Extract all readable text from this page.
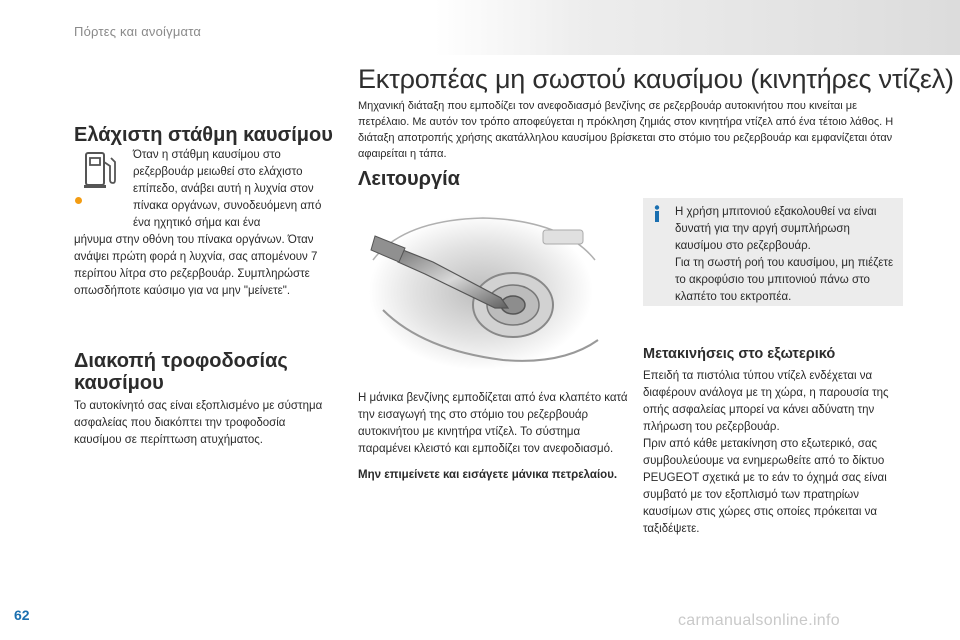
Πόρτες και ανοίγματα
Ελάχιστη στάθμη καυσίμου

Όταν η στάθμη καυσίμου στο ρεζερβουάρ μειωθεί στο ελάχιστο επίπεδο, ανάβει αυτή η λυχνία στον πίνακα οργάνων, συνοδευόμενη από ένα ηχητικό σήμα και ένα

μήνυμα στην οθόνη του πίνακα οργάνων. Όταν ανάψει πρώτη φορά η λυχνία, σας απομένουν 7 περίπου λίτρα στο ρεζερβουάρ. Συμπληρώστε οπωσδήποτε καύσιμο για να μην "μείνετε".

Διακοπή τροφοδοσίας καυσίμου

Το αυτοκίνητό σας είναι εξοπλισμένο με σύστημα ασφαλείας που διακόπτει την τροφοδοσία καυσίμου σε περίπτωση ατυχήματος.

Εκτροπέας μη σωστού καυσίμου (κινητήρες ντίζελ)

Μηχανική διάταξη που εμποδίζει τον ανεφοδιασμό βενζίνης σε ρεζερβουάρ αυτοκινήτου που κινείται με πετρέλαιο. Με αυτόν τον τρόπο αποφεύγεται η πρόκληση ζημιάς στον κινητήρα ντίζελ από ένα τέτοιο λάθος. Η διάταξη αποτροπής χρήσης ακατάλληλου καυσίμου βρίσκεται στο στόμιο του ρεζερβουάρ και εμφανίζεται όταν αφαιρείται η τάπα.

Λειτουργία

Η χρήση μπιτονιού εξακολουθεί να είναι δυνατή για την αργή συμπλήρωση καυσίμου στο ρεζερβουάρ.

Για τη σωστή ροή του καυσίμου, μη πιέζετε το ακροφύσιο του μπιτονιού πάνω στο κλαπέτο του εκτροπέα.

Μετακινήσεις στο εξωτερικό

Επειδή τα πιστόλια τύπου ντίζελ ενδέχεται να διαφέρουν ανάλογα με τη χώρα, η παρουσία της οπής ασφαλείας μπορεί να κάνει αδύνατη την πλήρωση του ρεζερβουάρ.

Πριν από κάθε μετακίνηση στο εξωτερικό, σας συμβουλεύουμε να ενημερωθείτε από το δίκτυο PEUGEOT σχετικά με το εάν το όχημά σας είναι συμβατό με τον εξοπλισμό των πρατηρίων καυσίμων στις χώρες στις οποίες πρόκειται να ταξιδέψετε.

Η μάνικα βενζίνης εμποδίζεται από ένα κλαπέτο κατά την εισαγωγή της στο στόμιο του ρεζερβουάρ αυτοκινήτου με κινητήρα ντίζελ. Το σύστημα παραμένει κλειστό και εμποδίζει τον ανεφοδιασμό.

Μην επιμείνετε και εισάγετε μάνικα πετρελαίου.

62	carmanualsonline.info
